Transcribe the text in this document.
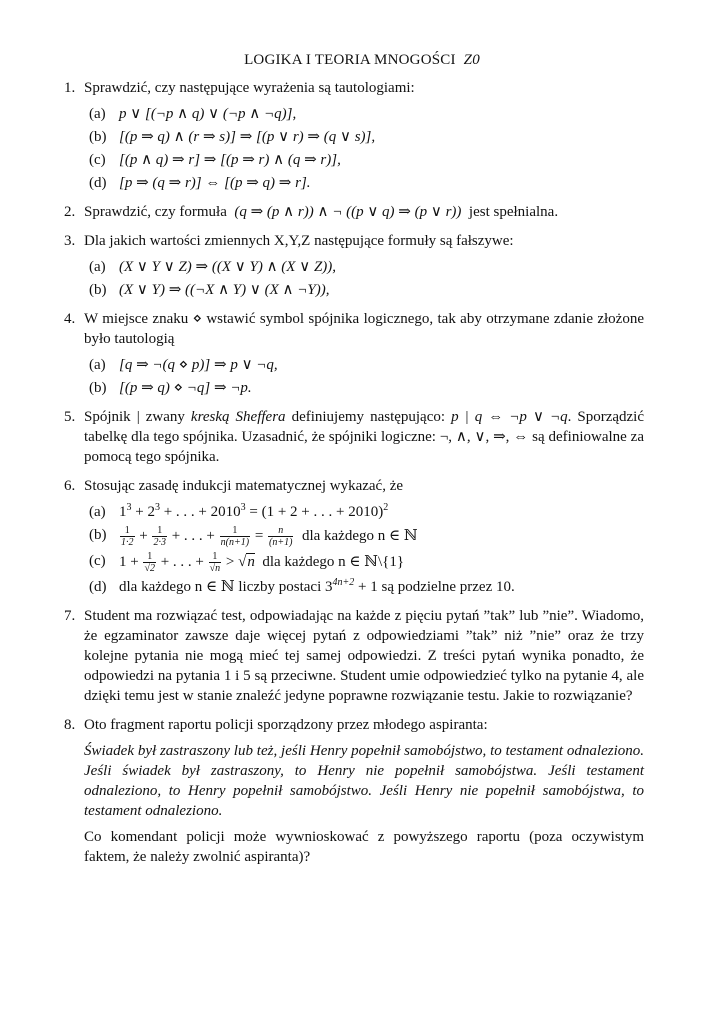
LOGIKA I TEORIA MNOGOŚCI Z0
1. Sprawdzić, czy następujące wyrażenia są tautologiami:
(a) p ∨ [(¬p ∧ q) ∨ (¬p ∧ ¬q)],
(b) [(p ⇒ q) ∧ (r ⇒ s)] ⇒ [(p ∨ r) ⇒ (q ∨ s)],
(c) [(p ∧ q) ⇒ r] ⇒ [(p ⇒ r) ∧ (q ⇒ r)],
(d) [p ⇒ (q ⇒ r)] ⇔ [(p ⇒ q) ⇒ r].
2. Sprawdzić, czy formuła (q ⇒ (p ∧ r)) ∧ ¬ ((p ∨ q) ⇒ (p ∨ r)) jest spełnialna.
3. Dla jakich wartości zmiennych X,Y,Z następujące formuły są fałszywe:
(a) (X ∨ Y ∨ Z) ⇒ ((X ∨ Y) ∧ (X ∨ Z)),
(b) (X ∨ Y) ⇒ ((¬X ∧ Y) ∨ (X ∧ ¬Y)),
4. W miejsce znaku ⋄ wstawić symbol spójnika logicznego, tak aby otrzymane zdanie złożone było tautologią
(a) [q ⇒ ¬(q ⋄ p)] ⇒ p ∨ ¬q,
(b) [(p ⇒ q) ⋄ ¬q] ⇒ ¬p.
5. Spójnik | zwany kreską Sheffera definiujemy następująco: p | q ⇔ ¬p ∨ ¬q. Sporządzić tabelkę dla tego spójnika. Uzasadnić, że spójniki logiczne: ¬, ∧, ∨, ⇒, ⇔ są definiowalne za pomocą tego spójnika.
6. Stosując zasadę indukcji matematycznej wykazać, że
(a) $1^3 + 2^3$ + . . . + $2010^3 = (1 + 2$ + . . . + 2010)$^2$
$(b) \frac{1}{1\cdot 2} + \frac{1}{2\cdot 3}$ + . . . + $\frac{1}{n(n+1)} = \frac{n}{(n+1)}$ dla każdego n ∈ ℕ
(c) $1 + \frac{1}{√2}$ + . . . + $\frac{1}{√n} > √n$ dla każdego n ∈ ℕ\{1}
(d) dla każdego n ∈ ℕ liczby postaci $3^{4n+2} + 1$ są podzielne przez 10.
7. Student ma rozwiązać test, odpowiadając na każde z pięciu pytań ”tak” lub ”nie”. Wiadomo, że egzaminator zawsze daje więcej pytań z odpowiedziami ”tak” niż ”nie” oraz że trzy kolejne pytania nie mogą mieć tej samej odpowiedzi. Z treści pytań wynika ponadto, że odpowiedzi na pytania 1 i 5 są przeciwne. Student umie odpowiedzieć tylko na pytanie 4, ale dzięki temu jest w stanie znaleźć jedyne poprawne rozwiązanie testu. Jakie to rozwiązanie?
8. Oto fragment raportu policji sporządzony przez młodego aspiranta:
Świadek był zastraszony lub też, jeśli Henry popełnił samobójstwo, to testament odnaleziono. Jeśli świadek był zastraszony, to Henry nie popełnił samobójstwa. Jeśli testament odnaleziono, to Henry popełnił samobójstwo. Jeśli Henry nie popełnił samobójstwa, to testament odnaleziono.
Co komendant policji może wywnioskować z powyższego raportu (poza oczywistym faktem, że należy zwolnić aspiranta)?
